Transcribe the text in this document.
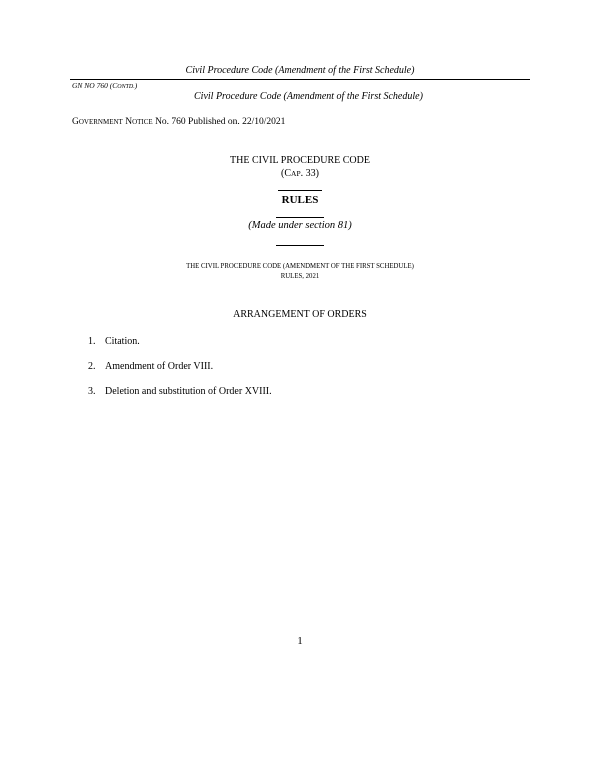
Civil Procedure Code (Amendment of the First Schedule)
GN NO 760 (CONTD.)
Civil Procedure Code (Amendment of the First Schedule)
GOVERNMENT NOTICE No. 760 Published on. 22/10/2021
THE CIVIL PROCEDURE CODE
(CAP. 33)
RULES
(Made under section 81)
THE CIVIL PROCEDURE CODE (AMENDMENT OF THE FIRST SCHEDULE)
RULES, 2021
ARRANGEMENT OF ORDERS
1. Citation.
2. Amendment of Order VIII.
3. Deletion and substitution of Order XVIII.
1
